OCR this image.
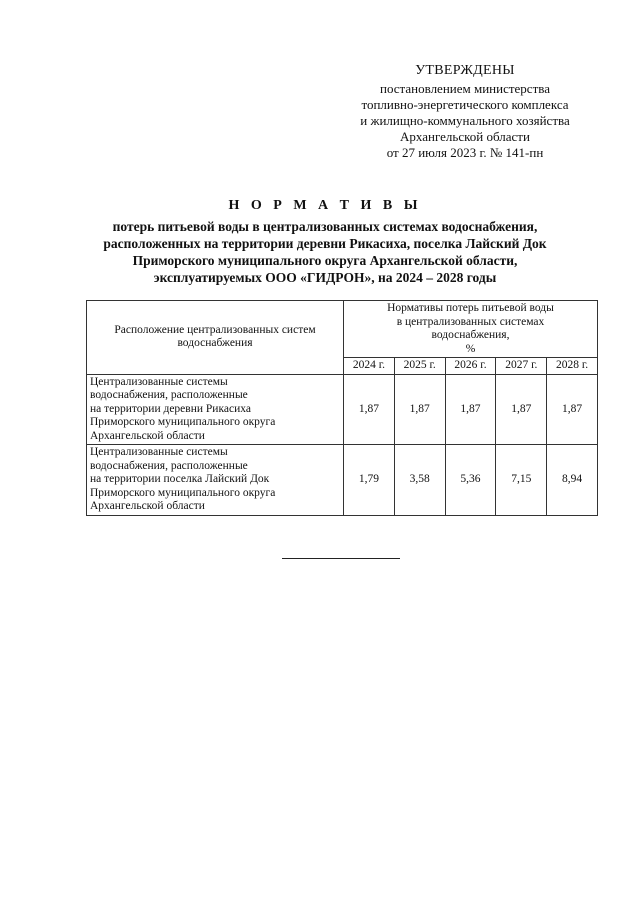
УТВЕРЖДЕНЫ
постановлением министерства
топливно-энергетического комплекса
и жилищно-коммунального хозяйства
Архангельской области
от 27 июля 2023 г. № 141-пн
Н О Р М А Т И В Ы
потерь питьевой воды в централизованных системах водоснабжения,
расположенных на территории деревни Рикасиха, поселка Лайский Док
Приморского муниципального округа Архангельской области,
эксплуатируемых ООО «ГИДРОН», на 2024 – 2028 годы
Расположение централизованных систем водоснабжения	Нормативы потерь питьевой воды
в централизованных системах
водоснабжения,
%				

	2024 г.	2025 г.	2026 г.	2027 г.	2028 г.

Централизованные системы
водоснабжения, расположенные
на территории деревни Рикасиха
Приморского муниципального округа
Архангельской области	1,87	1,87	1,87	1,87	1,87

Централизованные системы
водоснабжения, расположенные
на территории поселка Лайский Док
Приморского муниципального округа
Архангельской области	1,79	3,58	5,36	7,15	8,94
